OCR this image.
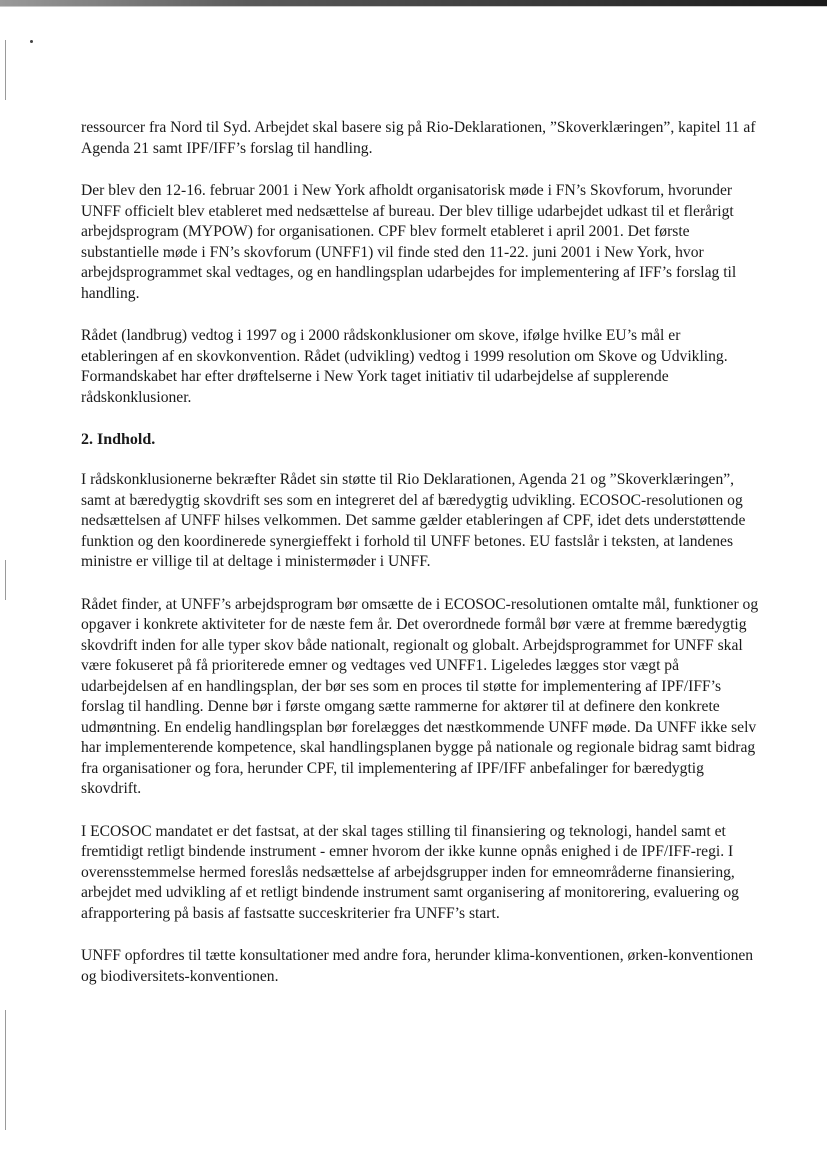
ressourcer fra Nord til Syd. Arbejdet skal basere sig på Rio-Deklarationen, ”Skoverklæringen”, kapitel 11 af Agenda 21 samt IPF/IFF’s forslag til handling.

Der blev den 12-16. februar 2001 i New York afholdt organisatorisk møde i FN’s Skovforum, hvorunder UNFF officielt blev etableret med nedsættelse af bureau. Der blev tillige udarbejdet udkast til et flerårigt arbejdsprogram (MYPOW) for organisationen. CPF blev formelt etableret i april 2001. Det første substantielle møde i FN’s skovforum (UNFF1) vil finde sted den 11-22. juni 2001 i New York, hvor arbejdsprogrammet skal vedtages, og en handlingsplan udarbejdes for implementering af IFF’s forslag til handling.

Rådet (landbrug) vedtog i 1997 og i 2000 rådskonklusioner om skove, ifølge hvilke EU’s mål er etableringen af en skovkonvention. Rådet (udvikling) vedtog i 1999 resolution om Skove og Udvikling. Formandskabet har efter drøftelserne i New York taget initiativ til udarbejdelse af supplerende rådskonklusioner.

2. Indhold.

I rådskonklusionerne bekræfter Rådet sin støtte til Rio Deklarationen, Agenda 21 og ”Skoverklæringen”, samt at bæredygtig skovdrift ses som en integreret del af bæredygtig udvikling. ECOSOC-resolutionen og nedsættelsen af UNFF hilses velkommen. Det samme gælder etableringen af CPF, idet dets understøttende funktion og den koordinerede synergieffekt i forhold til UNFF betones. EU fastslår i teksten, at landenes ministre er villige til at deltage i ministermøder i UNFF.

Rådet finder, at UNFF’s arbejdsprogram bør omsætte de i ECOSOC-resolutionen omtalte mål, funktioner og opgaver i konkrete aktiviteter for de næste fem år. Det overordnede formål bør være at fremme bæredygtig skovdrift inden for alle typer skov både nationalt, regionalt og globalt. Arbejdsprogrammet for UNFF skal være fokuseret på få prioriterede emner og vedtages ved UNFF1. Ligeledes lægges stor vægt på udarbejdelsen af en handlingsplan, der bør ses som en proces til støtte for implementering af IPF/IFF’s forslag til handling. Denne bør i første omgang sætte rammerne for aktører til at definere den konkrete udmøntning. En endelig handlingsplan bør forelægges det næstkommende UNFF møde. Da UNFF ikke selv har implementerende kompetence, skal handlingsplanen bygge på nationale og regionale bidrag samt bidrag fra organisationer og fora, herunder CPF, til implementering af IPF/IFF anbefalinger for bæredygtig skovdrift.

I ECOSOC mandatet er det fastsat, at der skal tages stilling til finansiering og teknologi, handel samt et fremtidigt retligt bindende instrument - emner hvorom der ikke kunne opnås enighed i de IPF/IFF-regi. I overensstemmelse hermed foreslås nedsættelse af arbejdsgrupper inden for emneområderne finansiering, arbejdet med udvikling af et retligt bindende instrument samt organisering af monitorering, evaluering og afrapportering på basis af fastsatte succeskriterier fra UNFF’s start.

UNFF opfordres til tætte konsultationer med andre fora, herunder klima-konventionen, ørken-konventionen og biodiversitets-konventionen.
